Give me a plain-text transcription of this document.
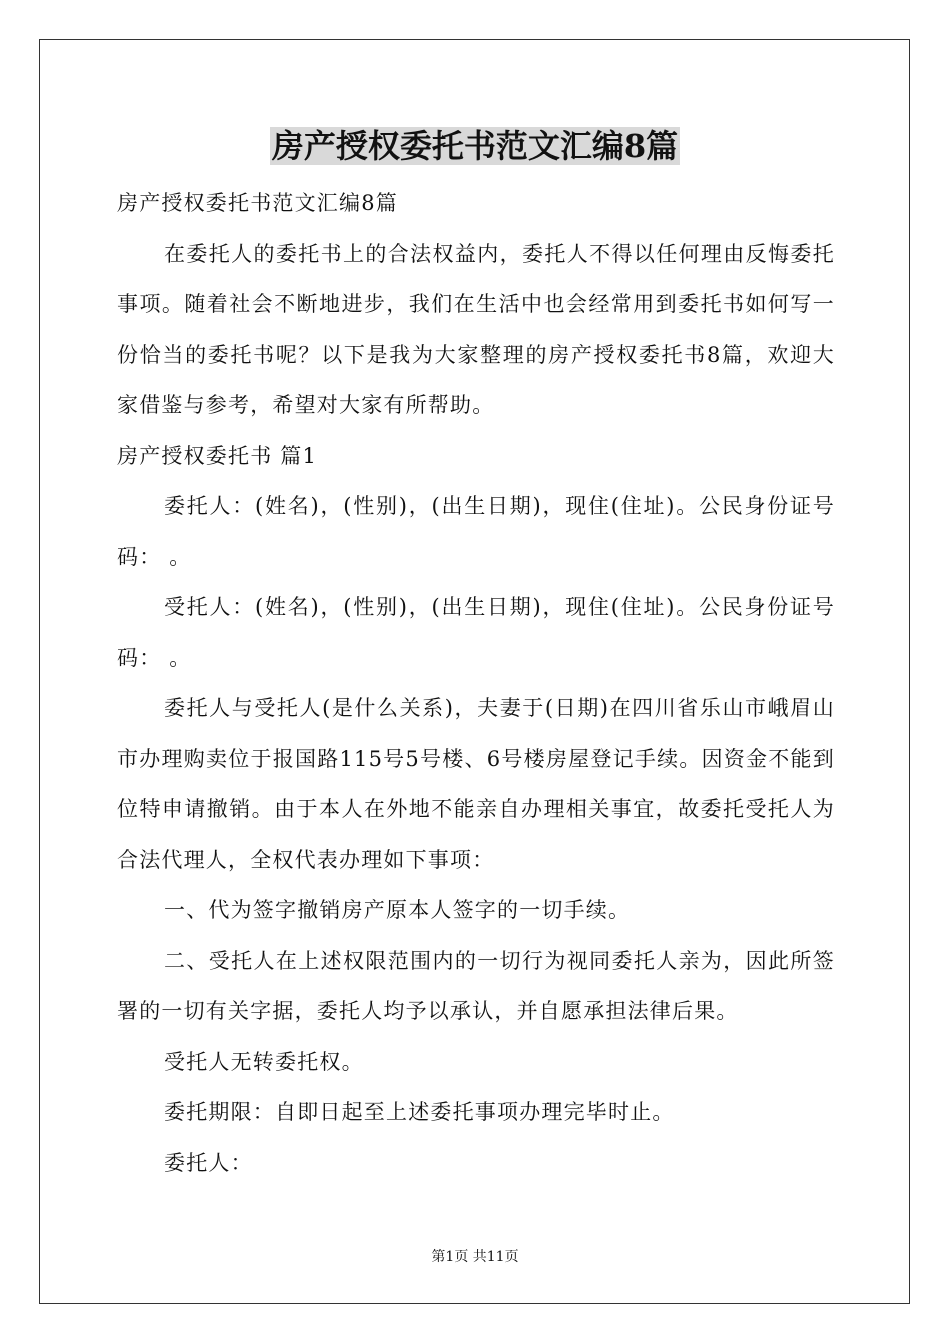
房产授权委托书范文汇编8篇

房产授权委托书范文汇编8篇

在委托人的委托书上的合法权益内，委托人不得以任何理由反悔委托事项。随着社会不断地进步，我们在生活中也会经常用到委托书如何写一份恰当的委托书呢？以下是我为大家整理的房产授权委托书8篇，欢迎大家借鉴与参考，希望对大家有所帮助。

房产授权委托书 篇1

委托人：(姓名)，(性别)，(出生日期)，现住(住址)。公民身份证号码： 。

受托人：(姓名)，(性别)，(出生日期)，现住(住址)。公民身份证号码： 。

委托人与受托人(是什么关系)，夫妻于(日期)在四川省乐山市峨眉山市办理购卖位于报国路115号5号楼、6号楼房屋登记手续。因资金不能到位特申请撤销。由于本人在外地不能亲自办理相关事宜，故委托受托人为合法代理人，全权代表办理如下事项：

一、代为签字撤销房产原本人签字的一切手续。

二、受托人在上述权限范围内的一切行为视同委托人亲为，因此所签署的一切有关字据，委托人均予以承认，并自愿承担法律后果。

受托人无转委托权。

委托期限：自即日起至上述委托事项办理完毕时止。

委托人：

第1页 共11页
